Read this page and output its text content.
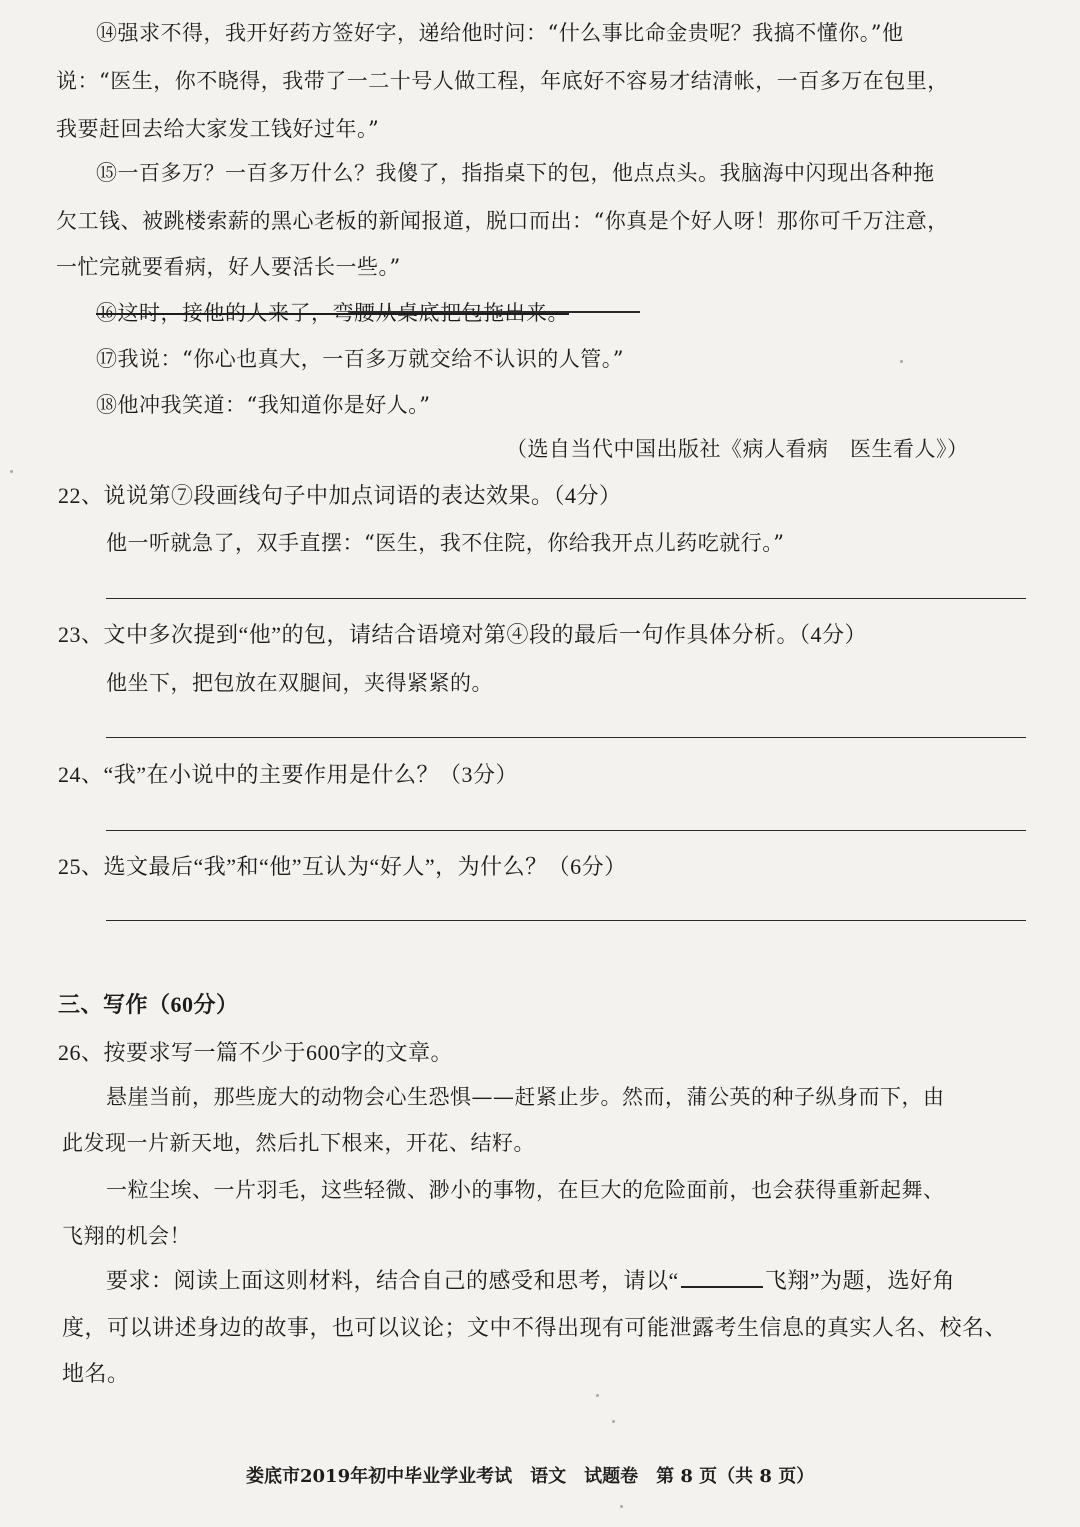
⑭强求不得，我开好药方签好字，递给他时问：“什么事比命金贵呢？我搞不懂你。”他
说：“医生，你不晓得，我带了一二十号人做工程，年底好不容易才结清帐，一百多万在包里，
我要赶回去给大家发工钱好过年。”
⑮一百多万？一百多万什么？我傻了，指指桌下的包，他点点头。我脑海中闪现出各种拖
欠工钱、被跳楼索薪的黑心老板的新闻报道，脱口而出：“你真是个好人呀！那你可千万注意，
一忙完就要看病，好人要活长一些。”
⑯这时，接他的人来了，弯腰从桌底把包拖出来。
⑰我说：“你心也真大，一百多万就交给不认识的人管。”
⑱他冲我笑道：“我知道你是好人。”
（选自当代中国出版社《病人看病　医生看人》）
22、说说第⑦段画线句子中加点词语的表达效果。（4分）
他一听就急了，双手直摆：“医生，我不住院，你给我开点儿药吃就行。”
23、文中多次提到“他”的包，请结合语境对第④段的最后一句作具体分析。（4分）
他坐下，把包放在双腿间，夹得紧紧的。
24、“我”在小说中的主要作用是什么？（3分）
25、选文最后“我”和“他”互认为“好人”，为什么？（6分）
三、写作（60分）
26、按要求写一篇不少于600字的文章。
悬崖当前，那些庞大的动物会心生恐惧——赶紧止步。然而，蒲公英的种子纵身而下，由
此发现一片新天地，然后扎下根来，开花、结籽。
一粒尘埃、一片羽毛，这些轻微、渺小的事物，在巨大的危险面前，也会获得重新起舞、
飞翔的机会！
要求：阅读上面这则材料，结合自己的感受和思考，请以“	飞翔”为题，选好角
度，可以讲述身边的故事，也可以议论；文中不得出现有可能泄露考生信息的真实人名、校名、
地名。
娄底市2019年初中毕业学业考试　语文　试题卷　第 8 页（共 8 页）
